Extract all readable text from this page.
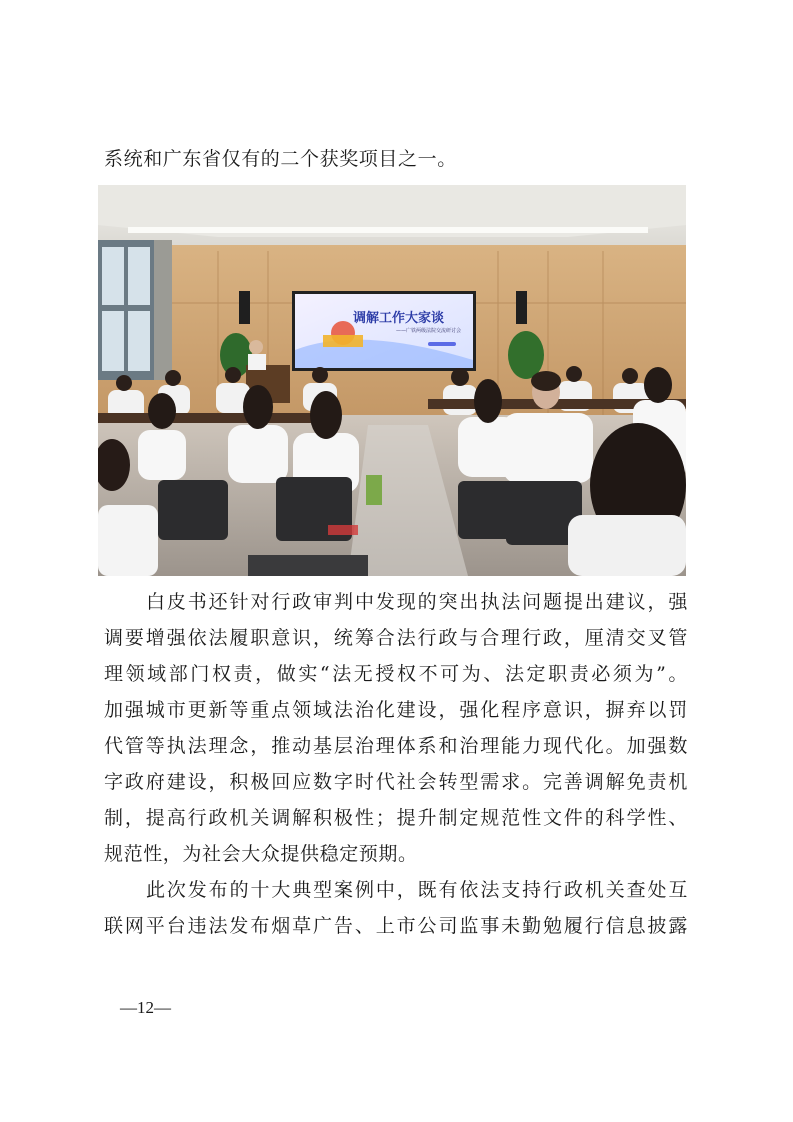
系统和广东省仅有的二个获奖项目之一。
调解工作大家谈
——广铁两级法院交流研讨会
白皮书还针对行政审判中发现的突出执法问题提出建议，强
调要增强依法履职意识，统筹合法行政与合理行政，厘清交叉管
理领域部门权责，做实“法无授权不可为、法定职责必须为”。
加强城市更新等重点领域法治化建设，强化程序意识，摒弃以罚
代管等执法理念，推动基层治理体系和治理能力现代化。加强数
字政府建设，积极回应数字时代社会转型需求。完善调解免责机
制，提高行政机关调解积极性；提升制定规范性文件的科学性、
规范性，为社会大众提供稳定预期。
此次发布的十大典型案例中，既有依法支持行政机关查处互
联网平台违法发布烟草广告、上市公司监事未勤勉履行信息披露
—12—
